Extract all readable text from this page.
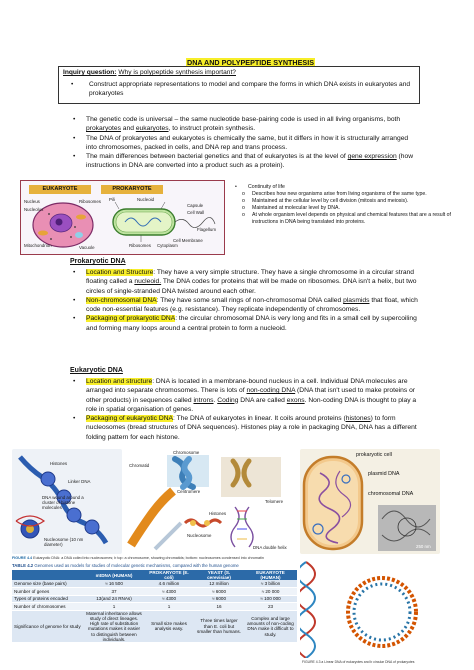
DNA AND POLYPEPTIDE SYNTHESIS
Inquiry question: Why is polypeptide synthesis important?
• Construct appropriate representations to model and compare the forms in which DNA exists in eukaryotes and prokaryotes
• The genetic code is universal – the same nucleotide base-pairing code is used in all living organisms, both prokaryotes and eukaryotes, to instruct protein synthesis.
• The DNA of prokaryotes and eukaryotes is chemically the same, but it differs in how it is structurally arranged into chromosomes, packed in cells, and DNA rep and trans process.
• The main differences between bacterial genetics and that of eukaryotes is at the level of gene expression (how instructions in DNA are converted into a product such as a protein).
EUKARYOTE	PROKARYOTE
Nucleus
Nucleolus
Mitochondrion
Ribosomes
Vacuole
Nucleoid
Capsule
Cell Wall
Cell Membrane
Flagellum
Pili
Ribosomes Cytoplasm
• Continuity of life
o Describes how new organisms arise from living organisms of the same type.
o Maintained at the cellular level by cell division (mitosis and meiosis).
o Maintained at molecular level by DNA.
o At whole organism level depends on physical and chemical features that are a result of instructions in DNA being translated into proteins.
Prokaryotic DNA
• Location and Structure: They have a very simple structure. They have a single chromosome in a circular strand floating called a nucleoid. The DNA codes for proteins that will be made on ribosomes. DNA isn't a helix, but two circles of single-stranded DNA twisted around each other.
• Non-chromosomal DNA: They have some small rings of non-chromosomal DNA called plasmids that float, which code non-essential features (e.g. resistance). They replicate independently of chromosomes.
• Packaging of prokaryotic DNA: the circular chromosomal DNA is very long and fits in a small cell by supercoiling and forming many loops around a central protein to form a nucleoid.
Eukaryotic DNA
• Location and structure: DNA is located in a membrane-bound nucleus in a cell. Individual DNA molecules are arranged into separate chromosomes. There is lots of non-coding DNA (DNA that isn't used to make proteins or other products) in sequences called introns. Coding DNA are called exons. Non-coding DNA is thought to play a role in spatial organisation of genes.
• Packaging of eukaryotic DNA: The DNA of eukaryotes in linear. It coils around proteins (histones) to form nucleosomes (bread structures of DNA sequences). Histones play a role in packaging DNA, DNA has a different folding pattern for each histone.
Histones
Linker DNA
DNA wound around a cluster of histone molecules
Nucleosome (10 nm diameter)
Chromosome
Chromatid
Centromere
Telomere
Nucleosome
Histones
DNA double helix
prokaryotic cell
plasmid DNA
chromosomal DNA
250 nm
FIGURE 4.3 a Linear DNA of eukaryotes and b circular DNA of prokaryotes
FIGURE 4.4 Eukaryotic DNA: a DNA coiled into nucleosomes; b top: a chromosome, showing chromatids; bottom: nucleosomes condensed into chromatin
TABLE 4.2 Genomes used as models for studies of molecular genetic mechanisms, compared with the human genome
	mtDNA (HUMAN)	PROKARYOTE (E. coli)	YEAST (S. cerevisiae)	EUKARYOTE (HUMAN)
Genome size (base pairs)	≈ 16 500	4.6 million	12 million	≈ 3 billion
Number of genes	37	≈ 4300	≈ 6000	≈ 20 000
Types of proteins encoded	13(and 24 RNAs)	≈ 4300	≈ 6000	≈ 100 000
Number of chromosomes	1	1	16	23
Significance of genome for study	Maternal inheritance allows study of direct lineages. High rate of substitution mutations makes it easier to distinguish between individuals.	Small size makes analysis easy.	Three times larger than E. coli but smaller than humans.	Complex and large amounts of non-coding DNA make it difficult to study.
